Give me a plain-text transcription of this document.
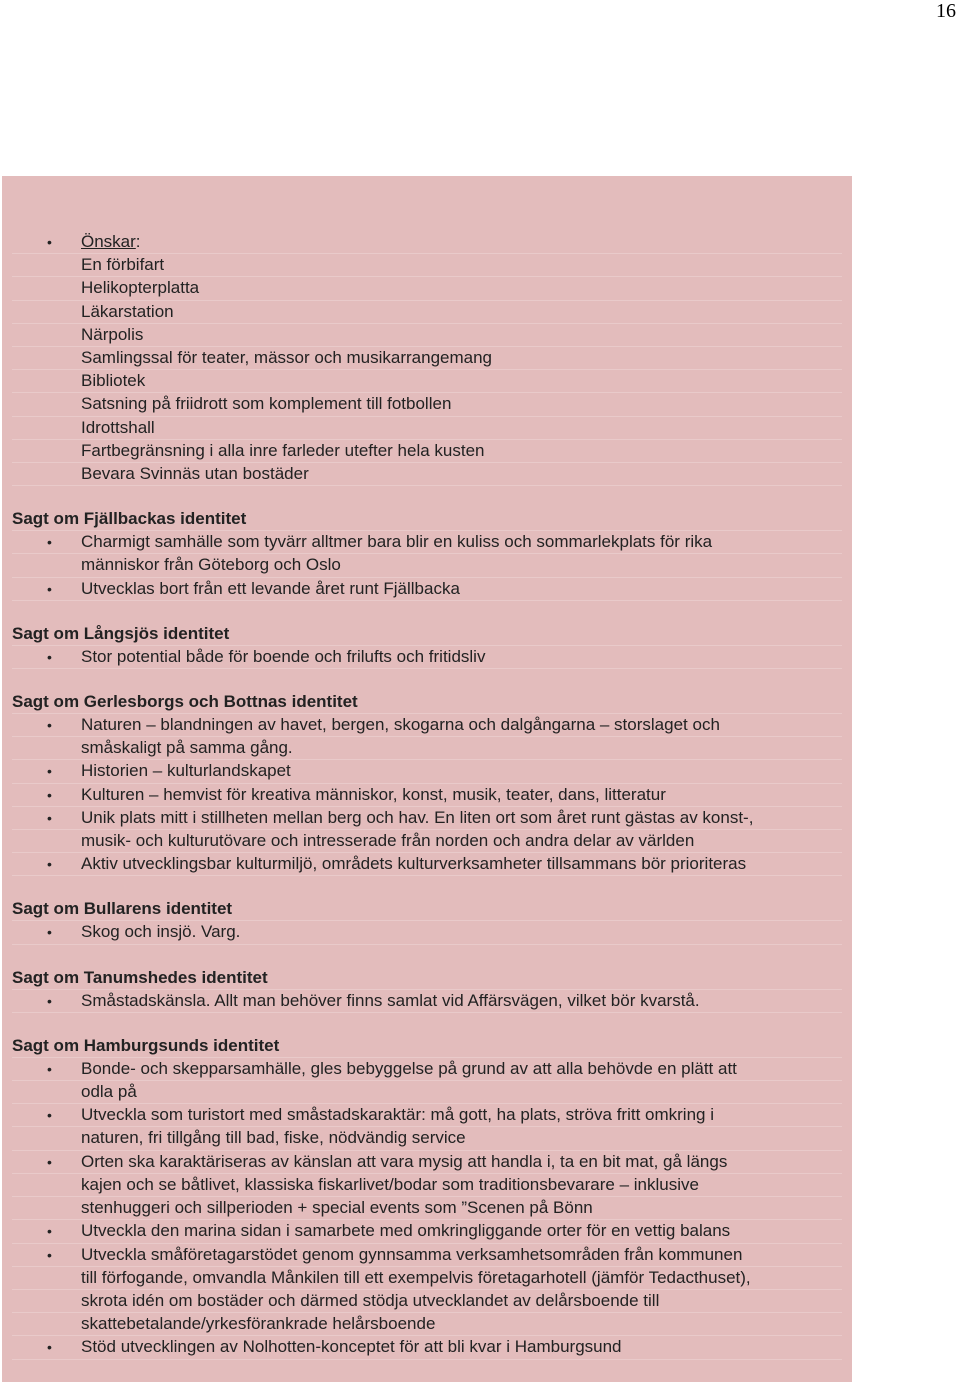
16
• Önskar:
En förbifart
Helikopterplatta
Läkarstation
Närpolis
Samlingssal för teater, mässor och musikarrangemang
Bibliotek
Satsning på friidrott som komplement till fotbollen
Idrottshall
Fartbegränsning i alla inre farleder utefter hela kusten
Bevara Svinnäs utan bostäder
Sagt om Fjällbackas identitet
• Charmigt samhälle som tyvärr alltmer bara blir en kuliss och sommarlekplats för rika
människor från Göteborg och Oslo
• Utvecklas bort från ett levande året runt Fjällbacka
Sagt om Långsjös identitet
• Stor potential både för boende och frilufts och fritidsliv
Sagt om Gerlesborgs och Bottnas identitet
• Naturen – blandningen av havet, bergen, skogarna och dalgångarna – storslaget och
småskaligt på samma gång.
• Historien – kulturlandskapet
• Kulturen – hemvist för kreativa människor, konst, musik, teater, dans, litteratur
• Unik plats mitt i stillheten mellan berg och hav. En liten ort som året runt gästas av konst-,
musik- och kulturutövare och intresserade från norden och andra delar av världen
• Aktiv utvecklingsbar kulturmiljö, områdets kulturverksamheter tillsammans bör prioriteras
Sagt om Bullarens identitet
• Skog och insjö. Varg.
Sagt om Tanumshedes identitet
• Småstadskänsla. Allt man behöver finns samlat vid Affärsvägen, vilket bör kvarstå.
Sagt om Hamburgsunds identitet
• Bonde- och skepparsamhälle, gles bebyggelse på grund av att alla behövde en plätt att
odla på
• Utveckla som turistort med småstadskaraktär: må gott, ha plats, ströva fritt omkring i
naturen, fri tillgång till bad, fiske, nödvändig service
• Orten ska karaktäriseras av känslan att vara mysig att handla i, ta en bit mat, gå längs
kajen och se båtlivet, klassiska fiskarlivet/bodar som traditionsbevarare – inklusive
stenhuggeri och sillperioden + special events som ”Scenen på Bönn
• Utveckla den marina sidan i samarbete med omkringliggande orter för en vettig balans
• Utveckla småföretagarstödet genom gynnsamma verksamhetsområden från kommunen
till förfogande, omvandla Månkilen till ett exempelvis företagarhotell (jämför Tedacthuset),
skrota idén om bostäder och därmed stödja utvecklandet av delårsboende till
skattebetalande/yrkesförankrade helårsboende
• Stöd utvecklingen av Nolhotten-konceptet för att bli kvar i Hamburgsund
